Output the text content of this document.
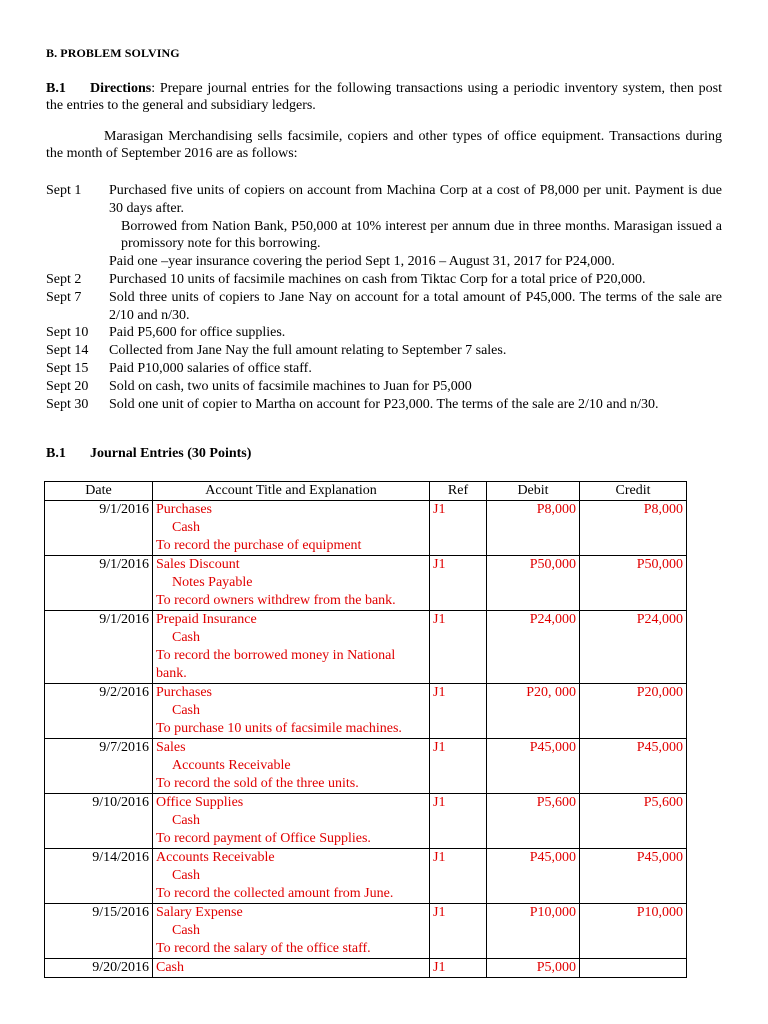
B. PROBLEM SOLVING
B.1 Directions: Prepare journal entries for the following transactions using a periodic inventory system, then post the entries to the general and subsidiary ledgers.
Marasigan Merchandising sells facsimile, copiers and other types of office equipment. Transactions during the month of September 2016 are as follows:
Sept 1	Purchased five units of copiers on account from Machina Corp at a cost of P8,000 per unit. Payment is due 30 days after.
Borrowed from Nation Bank, P50,000 at 10% interest per annum due in three months. Marasigan issued a promissory note for this borrowing.
Paid one –year insurance covering the period Sept 1, 2016 – August 31, 2017 for P24,000.
Sept 2	Purchased 10 units of facsimile machines on cash from Tiktac Corp for a total price of P20,000.
Sept 7	Sold three units of copiers to Jane Nay on account for a total amount of P45,000. The terms of the sale are 2/10 and n/30.
Sept 10	Paid P5,600 for office supplies.
Sept 14	Collected from Jane Nay the full amount relating to September 7 sales.
Sept 15	Paid P10,000 salaries of office staff.
Sept 20	Sold on cash, two units of facsimile machines to Juan for P5,000
Sept 30	Sold one unit of copier to Martha on account for P23,000. The terms of the sale are 2/10 and n/30.
B.1 Journal Entries (30 Points)
Date	Account Title and Explanation	Ref	Debit	Credit
9/1/2016	Purchases
Cash
To record the purchase of equipment	J1	P8,000	P8,000
9/1/2016	Sales Discount
Notes Payable
To record owners withdrew from the bank.	J1	P50,000	P50,000
9/1/2016	Prepaid Insurance
Cash
To record the borrowed money in National bank.	J1	P24,000	P24,000
9/2/2016	Purchases
Cash
To purchase 10 units of facsimile machines.	J1	P20, 000	P20,000
9/7/2016	Sales
Accounts Receivable
To record the sold of the three units.	J1	P45,000	P45,000
9/10/2016	Office Supplies
Cash
To record payment of Office Supplies.	J1	P5,600	P5,600
9/14/2016	Accounts Receivable
Cash
To record the collected amount from June.	J1	P45,000	P45,000
9/15/2016	Salary Expense
Cash
To record the salary of the office staff.	J1	P10,000	P10,000
9/20/2016	Cash	J1	P5,000	
